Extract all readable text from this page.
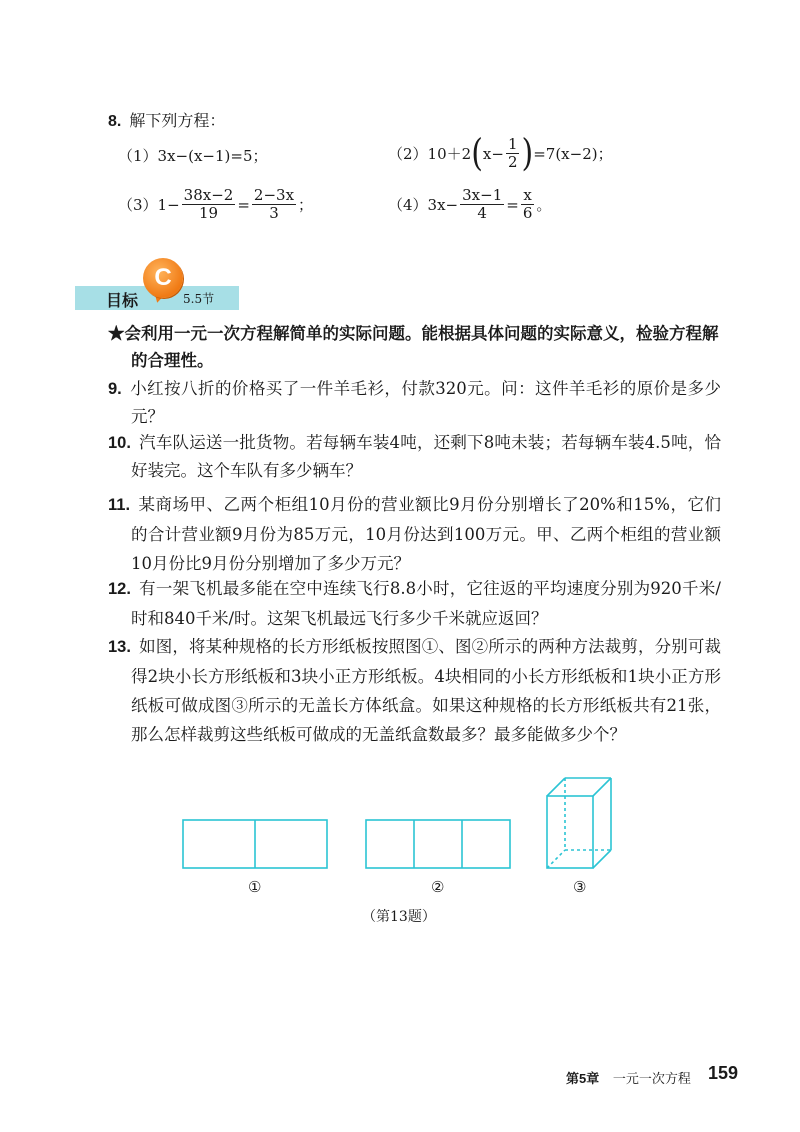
8. 解下列方程：
（1） 3x−(x−1)=5；	（2） 10＋2 ( $x- \frac{1}{2}$ ) =7(x−2)；
（3） $1- \frac{38x-2}{19} = \frac{2-3x}{3}$ ；	（4） $3x- \frac{3x-1}{4} = \frac{x}{6}$ 。
目标
C
5.5节
★会利用一元一次方程解简单的实际问题。能根据具体问题的实际意义，检验方程解的合理性。
9. 小红按八折的价格买了一件羊毛衫，付款320元。问：这件羊毛衫的原价是多少元？
10. 汽车队运送一批货物。若每辆车装4吨，还剩下8吨未装；若每辆车装4.5吨，恰好装完。这个车队有多少辆车？
11. 某商场甲、乙两个柜组10月份的营业额比9月份分别增长了20%和15%，它们的合计营业额9月份为85万元，10月份达到100万元。甲、乙两个柜组的营业额10月份比9月份分别增加了多少万元？
12. 有一架飞机最多能在空中连续飞行8.8小时，它往返的平均速度分别为920千米/时和840千米/时。这架飞机最远飞行多少千米就应返回？
13. 如图，将某种规格的长方形纸板按照图①、图②所示的两种方法裁剪，分别可裁得2块小长方形纸板和3块小正方形纸板。4块相同的小长方形纸板和1块小正方形纸板可做成图③所示的无盖长方体纸盒。如果这种规格的长方形纸板共有21张，那么怎样裁剪这些纸板可做成的无盖纸盒数最多？最多能做多少个？
①	②	③
（第13题）
第5章 一元一次方程 159
